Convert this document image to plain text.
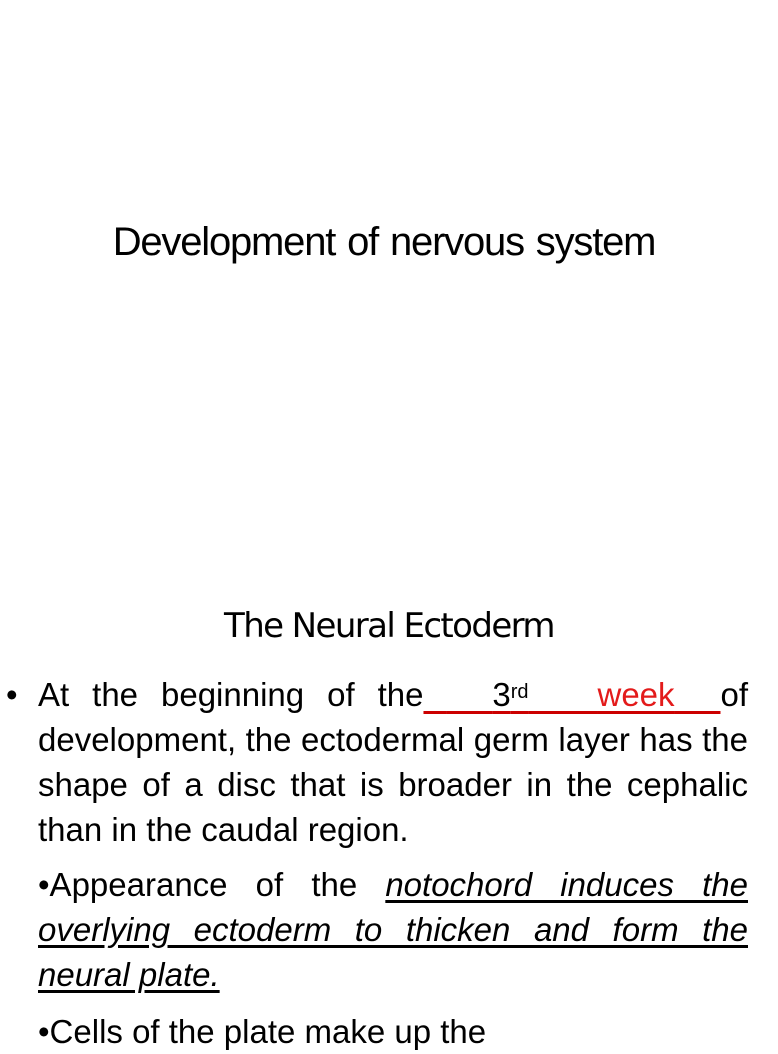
Development of nervous system
The Neural Ectoderm
• At the beginning of the 3rd week of development, the ectodermal germ layer has the shape of a disc that is broader in the cephalic than in the caudal region.

•Appearance of the notochord induces the overlying ectoderm to thicken and form the neural plate.

•Cells of the plate make up the
